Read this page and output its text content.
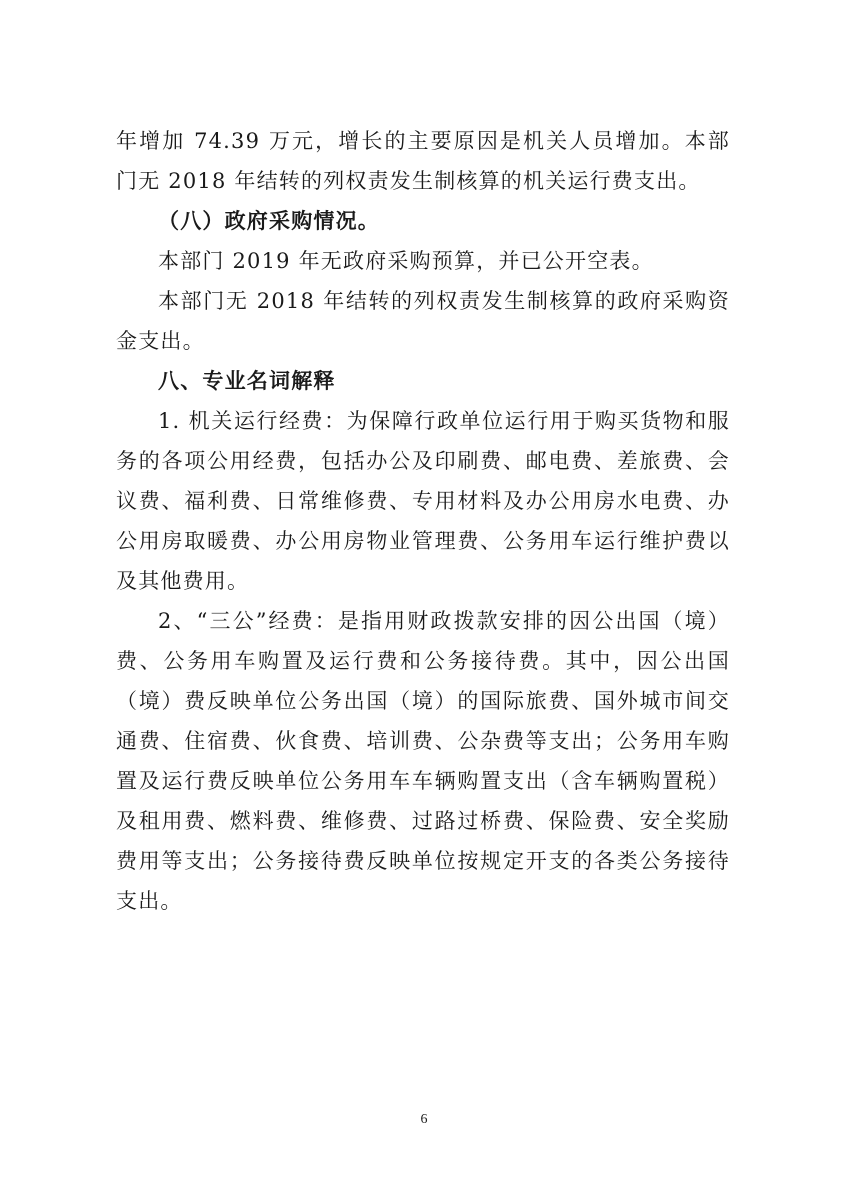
年增加 74.39 万元，增长的主要原因是机关人员增加。本部门无 2018 年结转的列权责发生制核算的机关运行费支出。

（八）政府采购情况。

本部门 2019 年无政府采购预算，并已公开空表。

本部门无 2018 年结转的列权责发生制核算的政府采购资金支出。

八、专业名词解释

1. 机关运行经费：为保障行政单位运行用于购买货物和服务的各项公用经费，包括办公及印刷费、邮电费、差旅费、会议费、福利费、日常维修费、专用材料及办公用房水电费、办公用房取暖费、办公用房物业管理费、公务用车运行维护费以及其他费用。

2、“三公”经费：是指用财政拨款安排的因公出国（境）费、公务用车购置及运行费和公务接待费。其中，因公出国（境）费反映单位公务出国（境）的国际旅费、国外城市间交通费、住宿费、伙食费、培训费、公杂费等支出；公务用车购置及运行费反映单位公务用车车辆购置支出（含车辆购置税）及租用费、燃料费、维修费、过路过桥费、保险费、安全奖励费用等支出；公务接待费反映单位按规定开支的各类公务接待支出。

6
